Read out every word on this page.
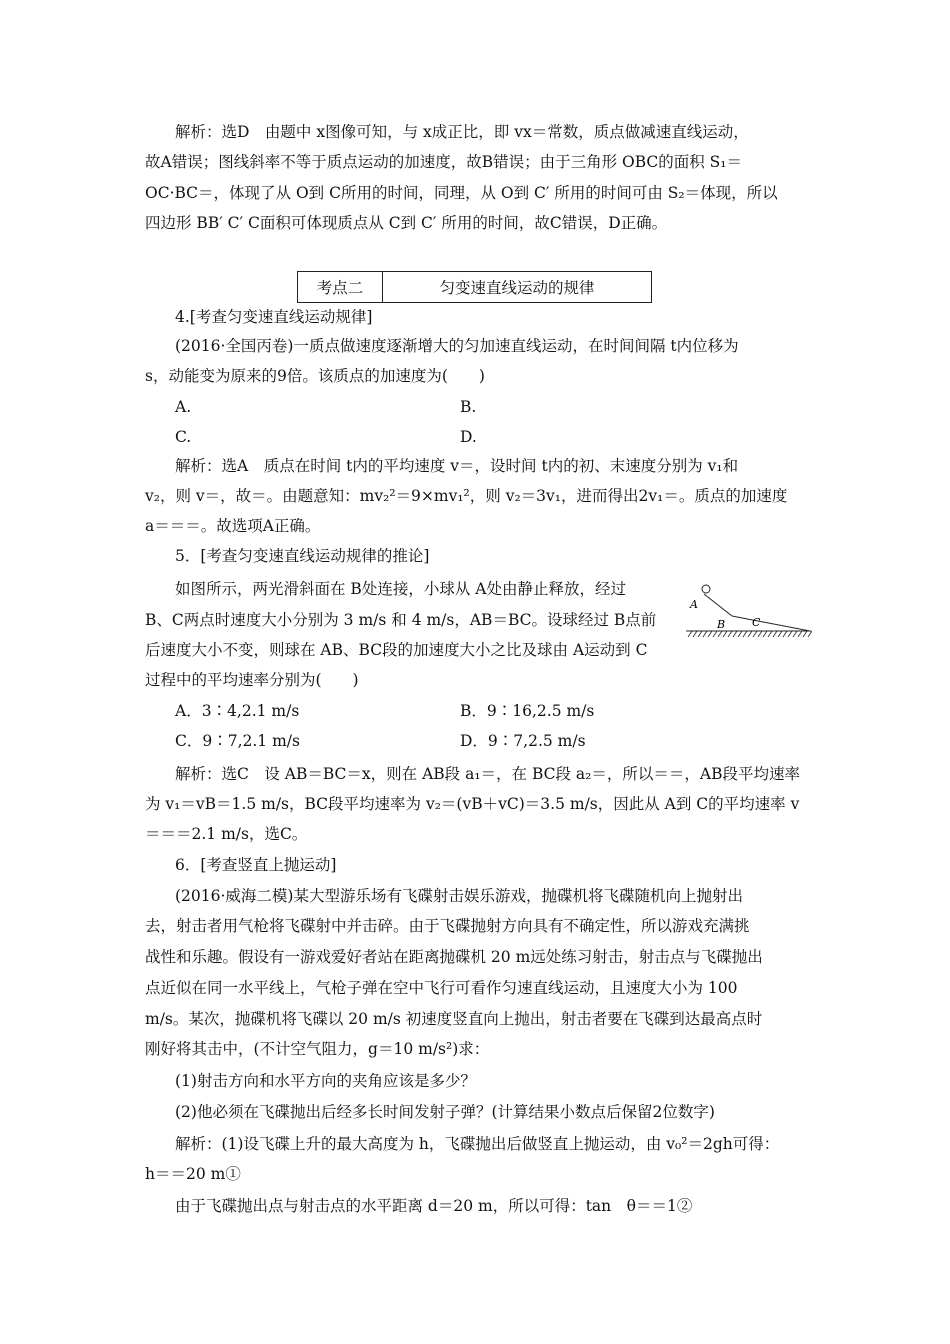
解析：选D　由题中 x图像可知，与 x成正比，即 vx＝常数，质点做减速直线运动，
故A错误；图线斜率不等于质点运动的加速度，故B错误；由于三角形 OBC的面积 S₁＝
OC·BC＝，体现了从 O到 C所用的时间，同理，从 O到 C′ 所用的时间可由 S₂＝体现，所以
四边形 BB′ C′ C面积可体现质点从 C到 C′ 所用的时间，故C错误，D正确。
4.[考查匀变速直线运动规律]
(2016·全国丙卷)一质点做速度逐渐增大的匀加速直线运动，在时间间隔 t内位移为
s，动能变为原来的9倍。该质点的加速度为(　　)
A.
C.
解析：选A　质点在时间 t内的平均速度 v＝，设时间 t内的初、末速度分别为 v₁和
v₂，则 v＝，故＝。由题意知：mv₂²＝9×mv₁²，则 v₂＝3v₁，进而得出2v₁＝。质点的加速度
a＝＝＝。故选项A正确。
5．[考查匀变速直线运动规律的推论]
如图所示，两光滑斜面在 B处连接，小球从 A处由静止释放，经过
B、C两点时速度大小分别为 3 m/s 和 4 m/s，AB＝BC。设球经过 B点前
后速度大小不变，则球在 AB、BC段的加速度大小之比及球由 A运动到 C
过程中的平均速率分别为(　　)
A．3∶4,2.1 m/s
C．9∶7,2.1 m/s
解析：选C　设 AB＝BC＝x，则在 AB段 a₁＝，在 BC段 a₂＝，所以＝＝，AB段平均速率
为 v₁＝vB＝1.5 m/s，BC段平均速率为 v₂＝(vB＋vC)＝3.5 m/s，因此从 A到 C的平均速率 v
＝＝＝2.1 m/s，选C。
6．[考查竖直上抛运动]
(2016·威海二模)某大型游乐场有飞碟射击娱乐游戏，抛碟机将飞碟随机向上抛射出
去，射击者用气枪将飞碟射中并击碎。由于飞碟抛射方向具有不确定性，所以游戏充满挑
战性和乐趣。假设有一游戏爱好者站在距离抛碟机 20 m远处练习射击，射击点与飞碟抛出
点近似在同一水平线上，气枪子弹在空中飞行可看作匀速直线运动，且速度大小为 100
m/s。某次，抛碟机将飞碟以 20 m/s 初速度竖直向上抛出，射击者要在飞碟到达最高点时
刚好将其击中，(不计空气阻力，g＝10 m/s²)求：
(1)射击方向和水平方向的夹角应该是多少？
(2)他必须在飞碟抛出后经多长时间发射子弹？(计算结果小数点后保留2位数字)
解析：(1)设飞碟上升的最大高度为 h，飞碟抛出后做竖直上抛运动，由 v₀²＝2gh可得：
h＝＝20 m①
由于飞碟抛出点与射击点的水平距离 d＝20 m，所以可得：tan　θ＝＝1②
B.
D.
B．9∶16,2.5 m/s
D．9∶7,2.5 m/s
考点二	匀变速直线运动的规律
A
B C
